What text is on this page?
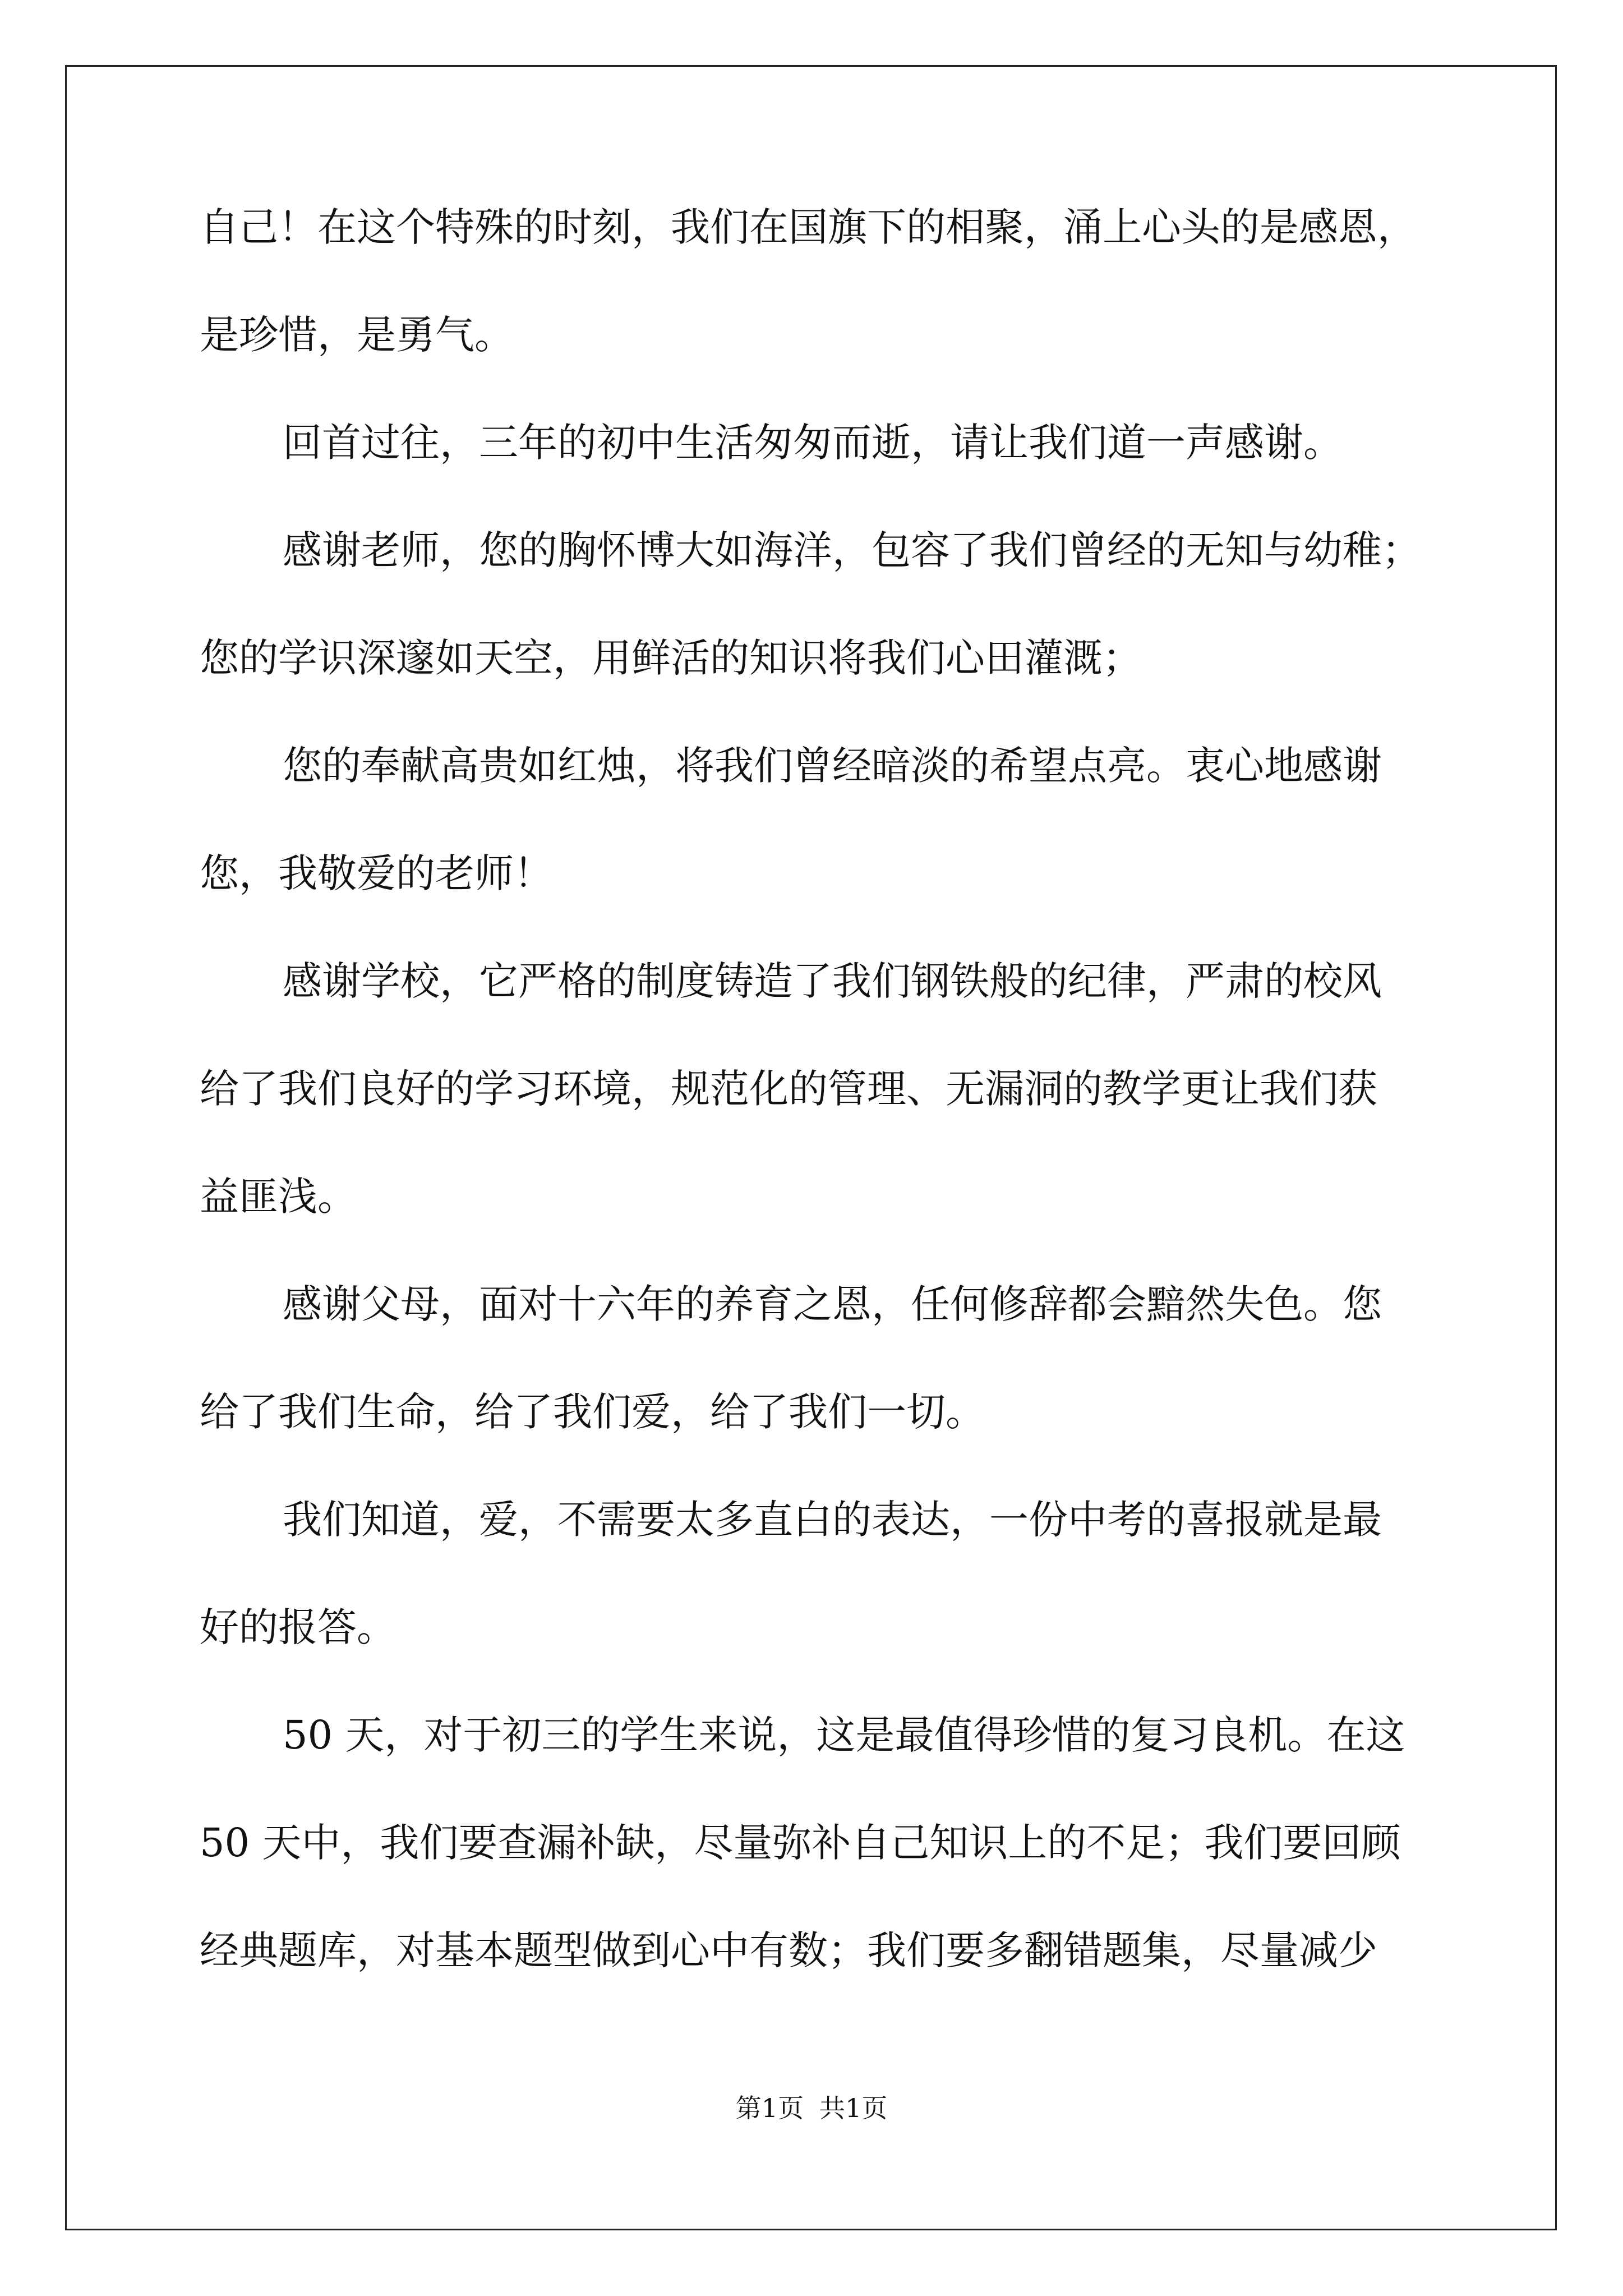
自己！在这个特殊的时刻，我们在国旗下的相聚，涌上心头的是感恩，
是珍惜，是勇气。
回首过往，三年的初中生活匆匆而逝，请让我们道一声感谢。
感谢老师，您的胸怀博大如海洋，包容了我们曾经的无知与幼稚；
您的学识深邃如天空，用鲜活的知识将我们心田灌溉；
您的奉献高贵如红烛，将我们曾经暗淡的希望点亮。衷心地感谢
您，我敬爱的老师！
感谢学校，它严格的制度铸造了我们钢铁般的纪律，严肃的校风
给了我们良好的学习环境，规范化的管理、无漏洞的教学更让我们获
益匪浅。
感谢父母，面对十六年的养育之恩，任何修辞都会黯然失色。您
给了我们生命，给了我们爱，给了我们一切。
我们知道，爱，不需要太多直白的表达，一份中考的喜报就是最
好的报答。
50 天，对于初三的学生来说，这是最值得珍惜的复习良机。在这
50 天中，我们要查漏补缺，尽量弥补自己知识上的不足；我们要回顾
经典题库，对基本题型做到心中有数；我们要多翻错题集，尽量减少
第1页 共1页
